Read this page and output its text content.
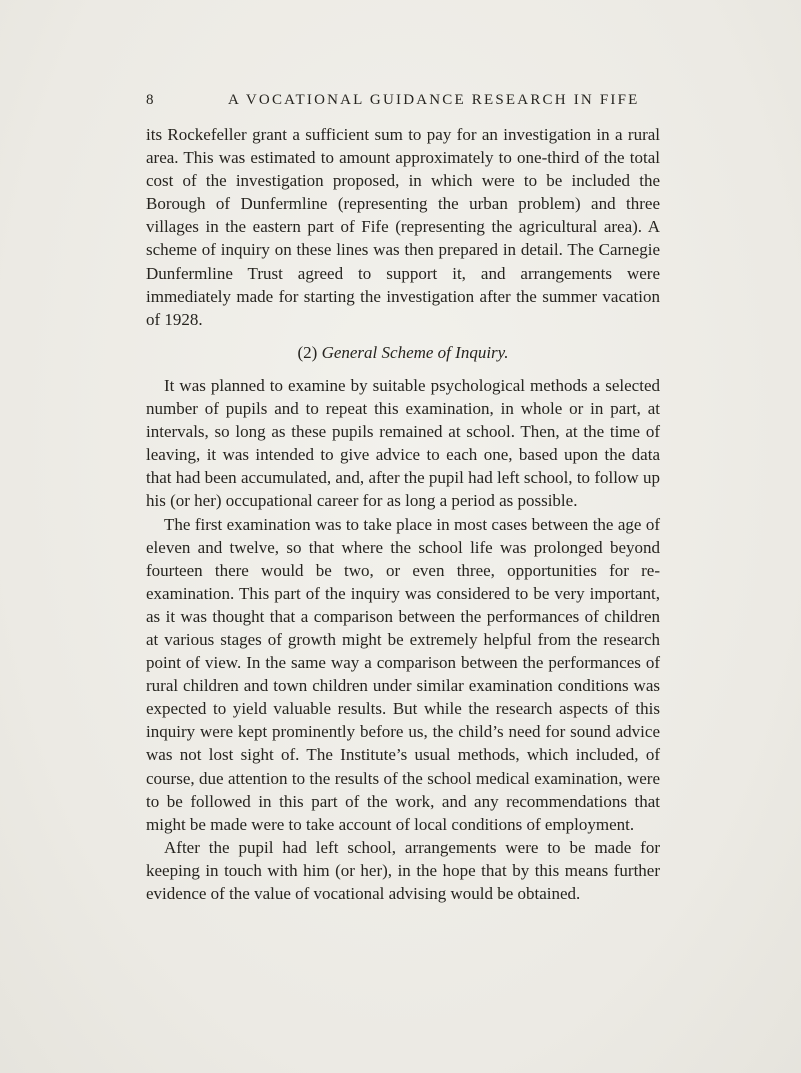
8	A VOCATIONAL GUIDANCE RESEARCH IN FIFE

its Rockefeller grant a sufficient sum to pay for an investigation in a rural area. This was estimated to amount approximately to one-third of the total cost of the investigation proposed, in which were to be included the Borough of Dunfermline (representing the urban problem) and three villages in the eastern part of Fife (representing the agricultural area). A scheme of inquiry on these lines was then prepared in detail. The Carnegie Dunfermline Trust agreed to support it, and arrangements were immediately made for starting the investigation after the summer vacation of 1928.

(2) General Scheme of Inquiry.

It was planned to examine by suitable psychological methods a selected number of pupils and to repeat this examination, in whole or in part, at intervals, so long as these pupils remained at school. Then, at the time of leaving, it was intended to give advice to each one, based upon the data that had been accumulated, and, after the pupil had left school, to follow up his (or her) occupational career for as long a period as possible.

The first examination was to take place in most cases between the age of eleven and twelve, so that where the school life was prolonged beyond fourteen there would be two, or even three, opportunities for re-examination. This part of the inquiry was considered to be very important, as it was thought that a comparison between the performances of children at various stages of growth might be extremely helpful from the research point of view. In the same way a comparison between the performances of rural children and town children under similar examination conditions was expected to yield valuable results. But while the research aspects of this inquiry were kept prominently before us, the child’s need for sound advice was not lost sight of. The Institute’s usual methods, which included, of course, due attention to the results of the school medical examination, were to be followed in this part of the work, and any recommendations that might be made were to take account of local conditions of employment.

After the pupil had left school, arrangements were to be made for keeping in touch with him (or her), in the hope that by this means further evidence of the value of vocational advising would be obtained.
